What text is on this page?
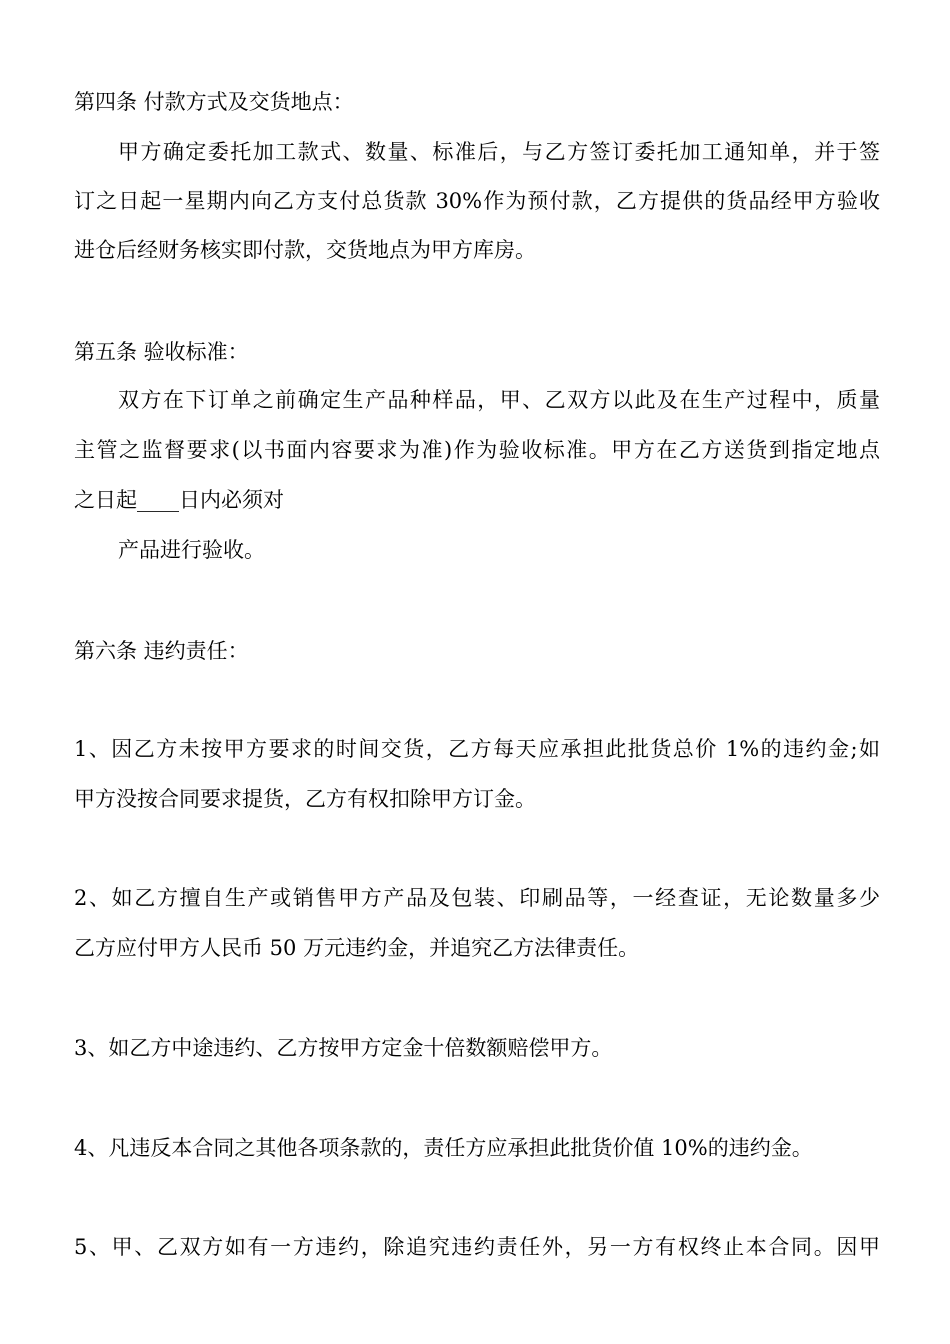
第四条 付款方式及交货地点：
甲方确定委托加工款式、数量、标准后，与乙方签订委托加工通知单，并于签
订之日起一星期内向乙方支付总货款 30%作为预付款，乙方提供的货品经甲方验收
进仓后经财务核实即付款，交货地点为甲方库房。
第五条 验收标准：
双方在下订单之前确定生产品种样品，甲、乙双方以此及在生产过程中，质量
主管之监督要求(以书面内容要求为准)作为验收标准。甲方在乙方送货到指定地点
之日起____日内必须对
产品进行验收。
第六条 违约责任：
1、因乙方未按甲方要求的时间交货，乙方每天应承担此批货总价 1%的违约金;如
甲方没按合同要求提货，乙方有权扣除甲方订金。
2、如乙方擅自生产或销售甲方产品及包装、印刷品等，一经查证，无论数量多少
乙方应付甲方人民币 50 万元违约金，并追究乙方法律责任。
3、如乙方中途违约、乙方按甲方定金十倍数额赔偿甲方。
4、凡违反本合同之其他各项条款的，责任方应承担此批货价值 10%的违约金。
5、甲、乙双方如有一方违约，除追究违约责任外，另一方有权终止本合同。因甲
